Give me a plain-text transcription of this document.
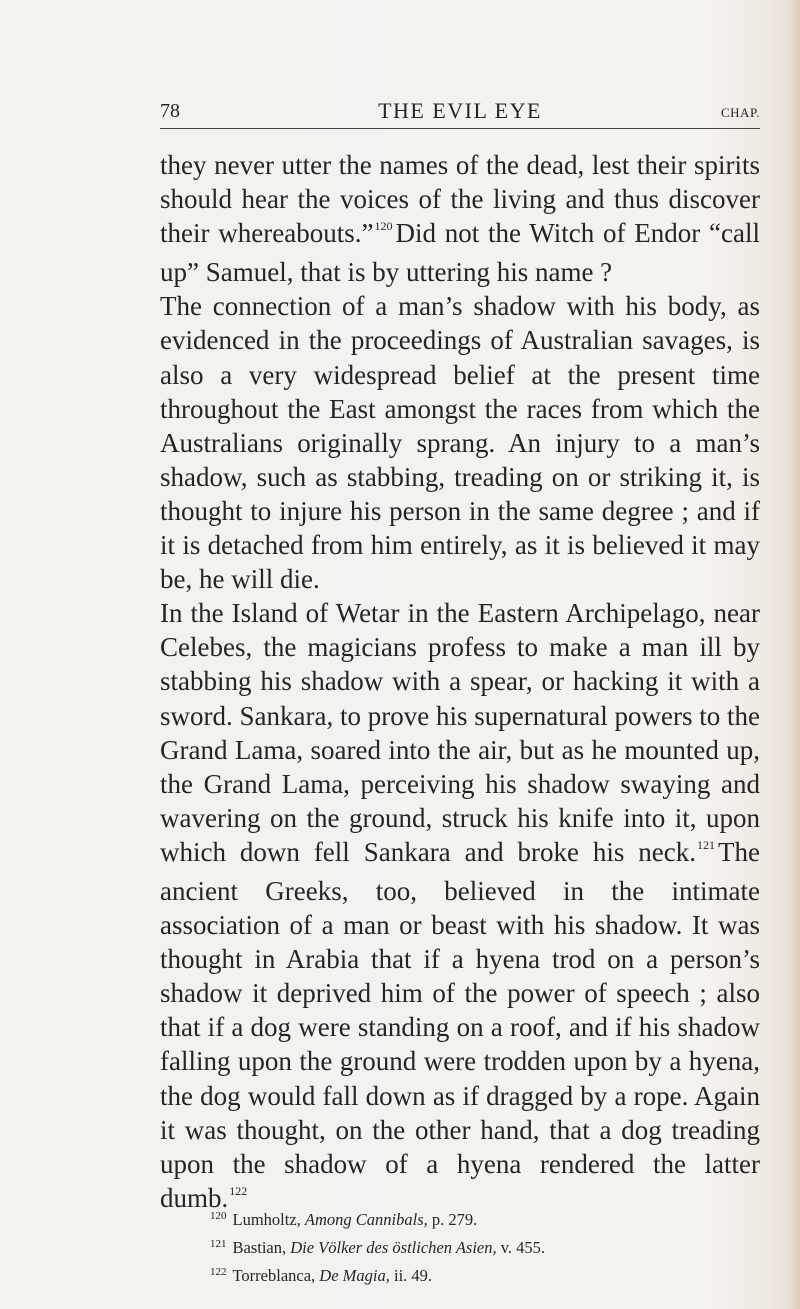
78	THE EVIL EYE	CHAP.

they never utter the names of the dead, lest their spirits should hear the voices of the living and thus discover their whereabouts.”$^{120}$ Did not the Witch of Endor “call up” Samuel, that is by uttering his name ?

The connection of a man’s shadow with his body, as evidenced in the proceedings of Australian savages, is also a very widespread belief at the present time throughout the East amongst the races from which the Australians originally sprang. An injury to a man’s shadow, such as stabbing, treading on or striking it, is thought to injure his person in the same degree ; and if it is detached from him entirely, as it is believed it may be, he will die.

In the Island of Wetar in the Eastern Archipelago, near Celebes, the magicians profess to make a man ill by stabbing his shadow with a spear, or hacking it with a sword. Sankara, to prove his supernatural powers to the Grand Lama, soared into the air, but as he mounted up, the Grand Lama, perceiving his shadow swaying and wavering on the ground, struck his knife into it, upon which down fell Sankara and broke his neck.$^{121}$ The ancient Greeks, too, believed in the intimate association of a man or beast with his shadow. It was thought in Arabia that if a hyena trod on a person’s shadow it deprived him of the power of speech ; also that if a dog were standing on a roof, and if his shadow falling upon the ground were trodden upon by a hyena, the dog would fall down as if dragged by a rope. Again it was thought, on the other hand, that a dog treading upon the shadow of a hyena rendered the latter dumb.$^{122}$

$^{120}$ Lumholtz, Among Cannibals, p. 279.
$^{121}$ Bastian, Die Völker des östlichen Asien, v. 455.
$^{122}$ Torreblanca, De Magia, ii. 49.
